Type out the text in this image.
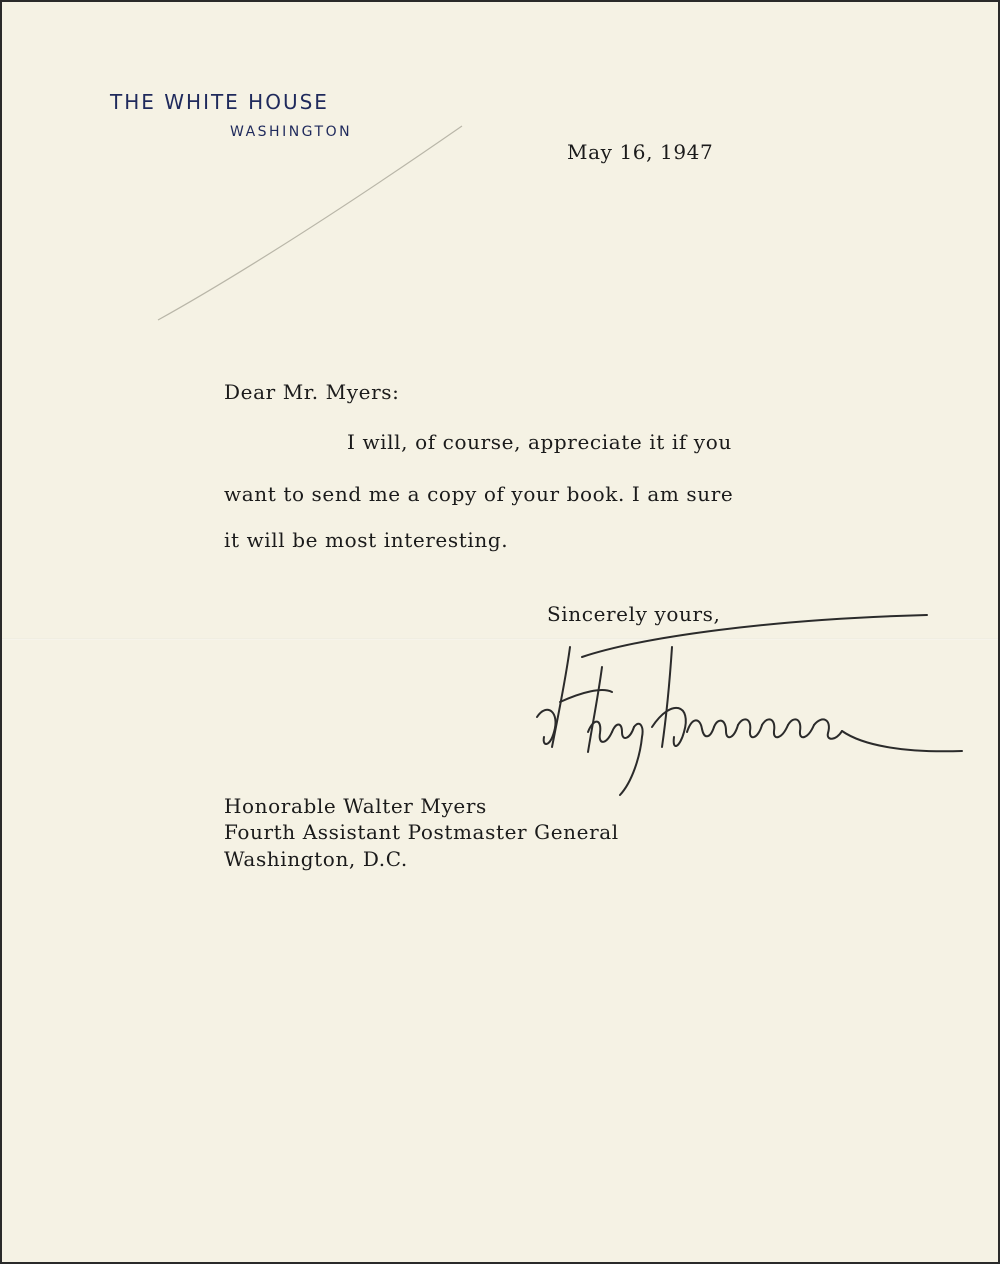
THE WHITE HOUSE
WASHINGTON
May 16, 1947
Dear Mr. Myers:
I will, of course, appreciate it if you
want to send me a copy of your book. I am sure
it will be most interesting.
Sincerely yours,
Honorable Walter Myers
Fourth Assistant Postmaster General
Washington, D.C.
